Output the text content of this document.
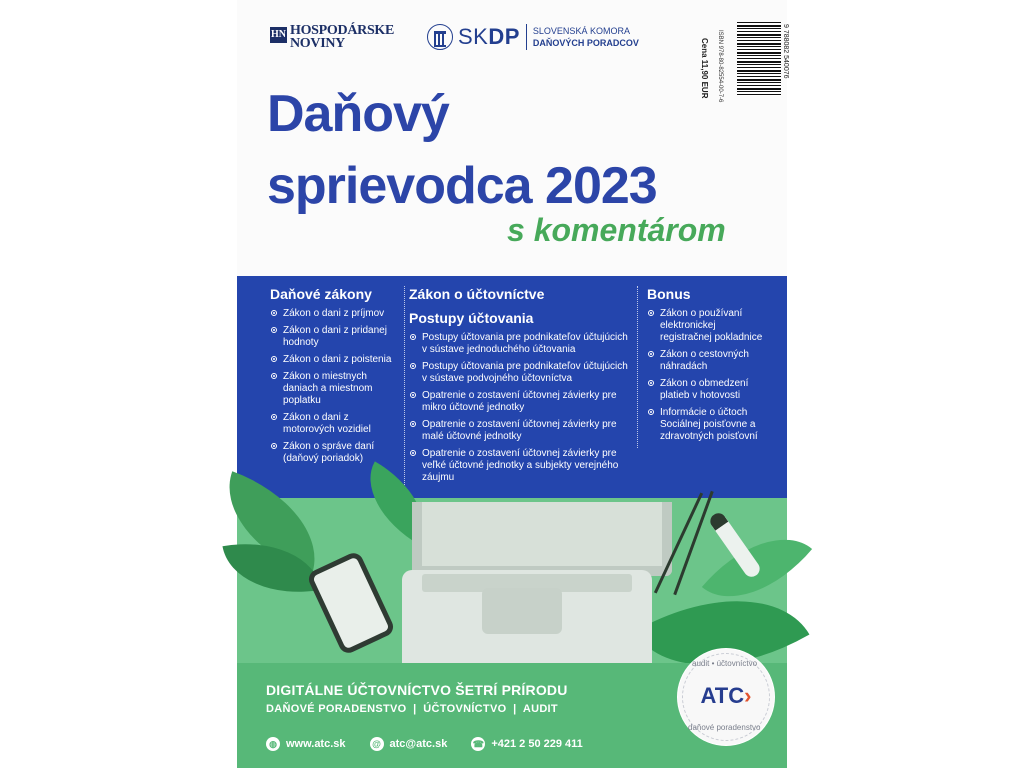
HN HOSPODÁRSKE
NOVINY	SKDP SLOVENSKÁ KOMORA
DAŇOVÝCH PORADCOV	Cena 11,90 EUR ISBN 978-80-82554-00-7-6	9 788082 540076
Daňový
sprievodca 2023
s komentárom
Daňové zákony
Zákon o dani z príjmov
Zákon o dani z pridanej hodnoty
Zákon o dani z poistenia
Zákon o miestnych daniach a miestnom poplatku
Zákon o dani z motorových vozidiel
Zákon o správe daní (daňový poriadok)
Zákon o účtovníctve
Postupy účtovania
Postupy účtovania pre podnikateľov účtujúcich v sústave jednoduchého účtovania
Postupy účtovania pre podnikateľov účtujúcich v sústave podvojného účtovníctva
Opatrenie o zostavení účtovnej závierky pre mikro účtovné jednotky
Opatrenie o zostavení účtovnej závierky pre malé účtovné jednotky
Opatrenie o zostavení účtovnej závierky pre veľké účtovné jednotky a subjekty verejného záujmu
Bonus
Zákon o používaní elektronickej registračnej pokladnice
Zákon o cestovných náhradách
Zákon o obmedzení platieb v hotovosti
Informácie o účtoch Sociálnej poisťovne a zdravotných poisťovní
DIGITÁLNE ÚČTOVNÍCTVO ŠETRÍ PRÍRODU
DAŇOVÉ PORADENSTVO  |  ÚČTOVNÍCTVO  |  AUDIT
◍ www.atc.sk	@ atc@atc.sk	☎ +421 2 50 229 411
audit • účtovníctvo
ATC›
daňové poradenstvo
